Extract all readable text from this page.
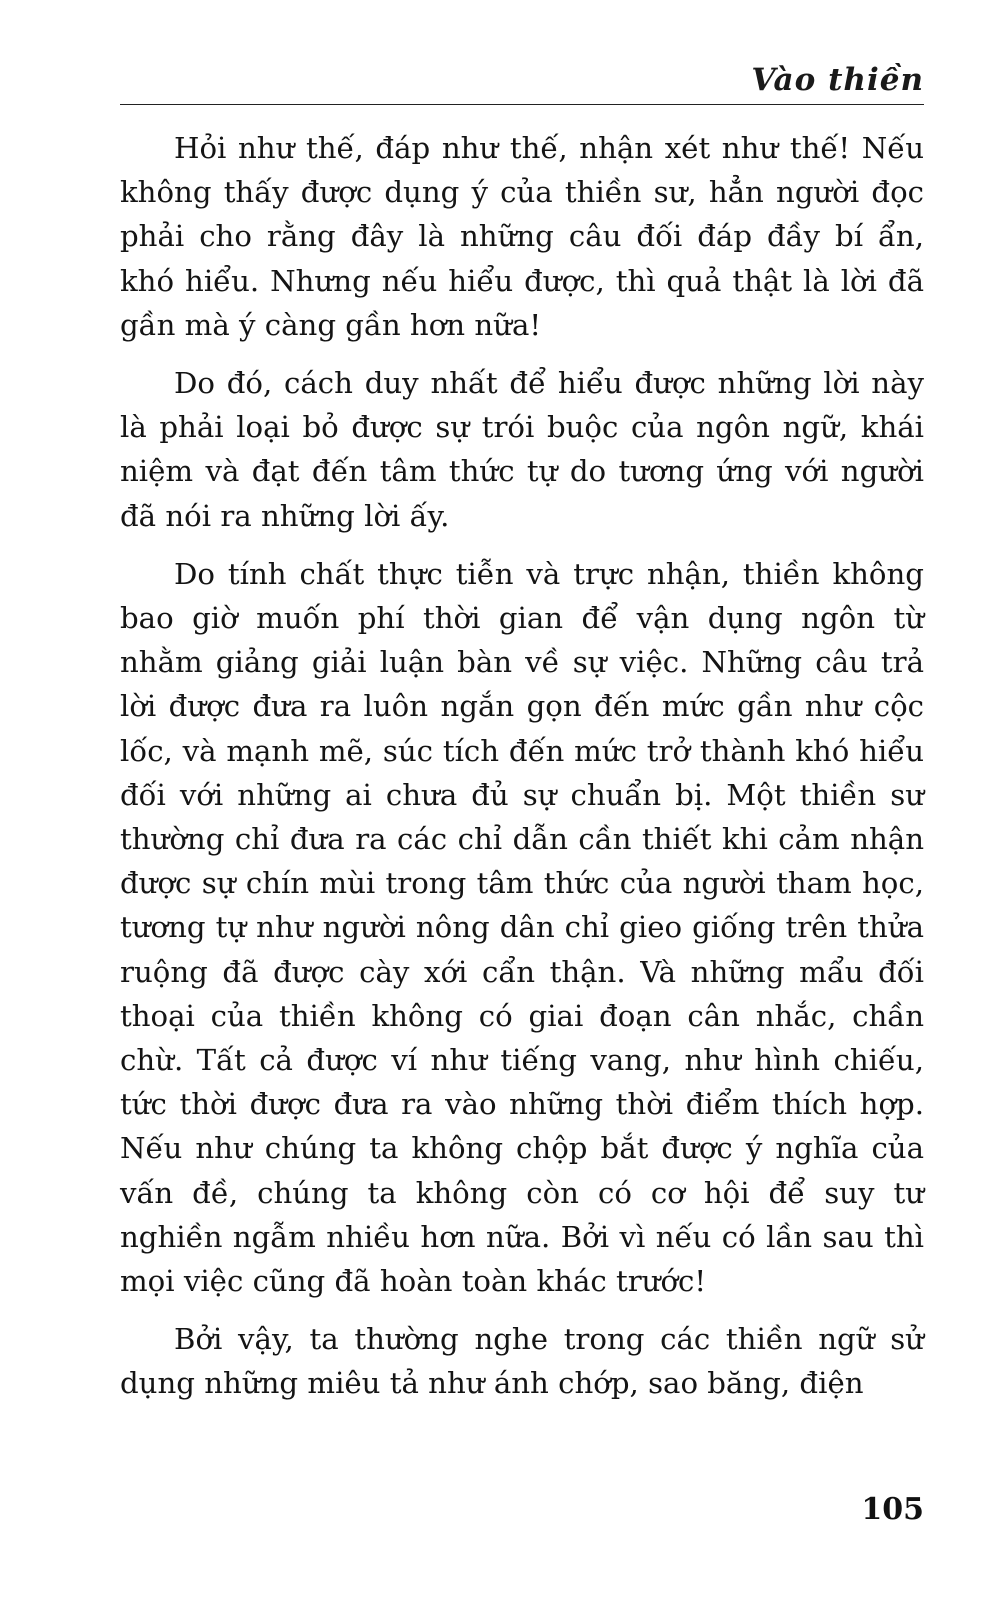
Vào thiền

Hỏi như thế, đáp như thế, nhận xét như thế! Nếu không thấy được dụng ý của thiền sư, hẳn người đọc phải cho rằng đây là những câu đối đáp đầy bí ẩn, khó hiểu. Nhưng nếu hiểu được, thì quả thật là lời đã gần mà ý càng gần hơn nữa!

Do đó, cách duy nhất để hiểu được những lời này là phải loại bỏ được sự trói buộc của ngôn ngữ, khái niệm và đạt đến tâm thức tự do tương ứng với người đã nói ra những lời ấy.

Do tính chất thực tiễn và trực nhận, thiền không bao giờ muốn phí thời gian để vận dụng ngôn từ nhằm giảng giải luận bàn về sự việc. Những câu trả lời được đưa ra luôn ngắn gọn đến mức gần như cộc lốc, và mạnh mẽ, súc tích đến mức trở thành khó hiểu đối với những ai chưa đủ sự chuẩn bị. Một thiền sư thường chỉ đưa ra các chỉ dẫn cần thiết khi cảm nhận được sự chín mùi trong tâm thức của người tham học, tương tự như người nông dân chỉ gieo giống trên thửa ruộng đã được cày xới cẩn thận. Và những mẩu đối thoại của thiền không có giai đoạn cân nhắc, chần chừ. Tất cả được ví như tiếng vang, như hình chiếu, tức thời được đưa ra vào những thời điểm thích hợp. Nếu như chúng ta không chộp bắt được ý nghĩa của vấn đề, chúng ta không còn có cơ hội để suy tư nghiền ngẫm nhiều hơn nữa. Bởi vì nếu có lần sau thì mọi việc cũng đã hoàn toàn khác trước!

Bởi vậy, ta thường nghe trong các thiền ngữ sử dụng những miêu tả như ánh chớp, sao băng, điện

105
